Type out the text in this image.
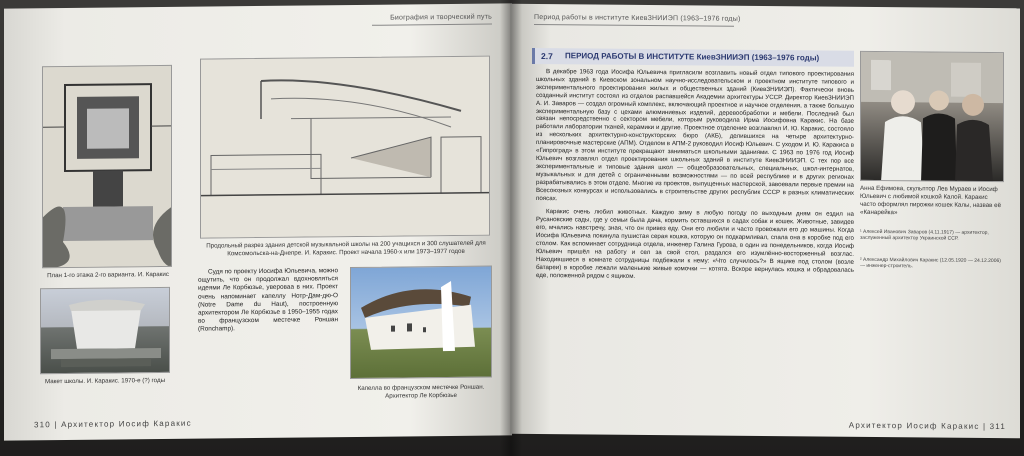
Биография и творческий путь
План 1-го этажа 2-го варианта. И. Каракис
Продольный разрез здания детской музыкальной школы на 200 учащихся и 300 слушателей для Комсомольска-на-Днепре. И. Каракис. Проект начала 1960-х или 1973–1977 годов
Макет школы. И. Каракис. 1970-е (?) годы

Судя по проекту Иосифа Юльевича, можно ощутить, что он продолжал вдохновляться идеями Ле Корбюзье, увероваа в них. Проект очень напоминает капеллу Нотр-Дам-дю-О (Notre Dame du Haut), построенную архитектором Ле Корбюзье в 1950–1955 годах во французском местечке Роншан (Ronchamp).

Капелла во французском местечке Роншан. Архитектор Ле Корбюзье
310 | Архитектор Иосиф Каракис
Период работы в институте КиевЗНИИЭП (1963–1976 годы)
2.7 ПЕРИОД РАБОТЫ В ИНСТИТУТЕ КиевЗНИИЭП (1963–1976 годы)

В декабре 1963 года Иосифа Юльевича пригласили возглавить новый отдел типового проектирования школьных зданий в Киевском зональном научно-исследовательском и проектном институте типового и экспериментального проектирования жилых и общественных зданий (КиевЗНИИЭП). Фактически вновь созданный институт состоял из отделов распавшейся Академии архитектуры УССР. Директор КиевЗНИИЭП А. И. Заваров — создал огромный комплекс, включающий проектное и научное отделения, а также большую экспериментальную базу с цехами алюминиевых изделий, деревообработки и мебели. Последний был связан непосредственно с сектором мебели, которым руководила Ирма Иосифовна Каракис. На базе работали лаборатории тканей, керамики и другие. Проектное отделение возглавлял И. Ю. Каракис, состояло из нескольких архитектурно-конструкторских бюро (АКБ), делившихся на четыре архитектурно-планировочные мастерские (АПМ). Отделом в АПМ-2 руководил Иосиф Юльевич. С уходом И. Ю. Каракиса в «Гипроград» в этом институте прекращают заниматься школьными зданиями. С 1963 по 1976 год Иосиф Юльевич возглавлял отдел проектирования школьных зданий в институте КиевЗНИИЭП. С тех пор все экспериментальные и типовые здания школ — общеобразовательных, специальных, школ-интернатов, музыкальных и для детей с ограниченными возможностями — по всей республике и в других регионах разрабатывались в этом отделе. Многие из проектов, выпущенных мастерской, завоевали первые премии на Всесоюзных конкурсах и использовались в строительстве других республик СССР в разных климатических поясах.

Каракис очень любил животных. Каждую зиму в любую погоду по выходным дням он ездил на Русановские сады, где у семьи была дача, кормить оставшихся в садах собак и кошек. Животные, завидев его, мчались навстречу, зная, что он привез еду. Они его любили и часто провожали его до машины. Когда Иосифа Юльевича покинула пушистая серая кошка, которую он подкармливал, спала она в коробке под его столом. Как вспоминает сотрудница отдела, инженер Галина Гурова, в один из понедельников, когда Иосиф Юльевич пришёл на работу и сел за свой стол, раздался его изумлённо-восторженный возглас. Находившиеся в комнате сотрудницы подбежали к нему: «Что случилось?» В ящике под столом (возле батареи) в коробке лежали маленькие живые комочки — котята. Вскоре вернулась кошка и обрадовалась еде, положенной рядом с ящиком.

Анна Ефимова, скульптор Лев Мураев и Иосиф Юльевич с любимой кошкой Калой. Каракис часто оформлял пирожки кошек Калы, назвав её «Канарейка»
¹ Алексей Иванович Заваров (4.11.1917) — архитектор, заслуженный архитектор Украинской ССР.
² Александр Михайлович Каракис (12.05.1920 — 24.12.2006) — инженер-строитель.
Архитектор Иосиф Каракис | 311
